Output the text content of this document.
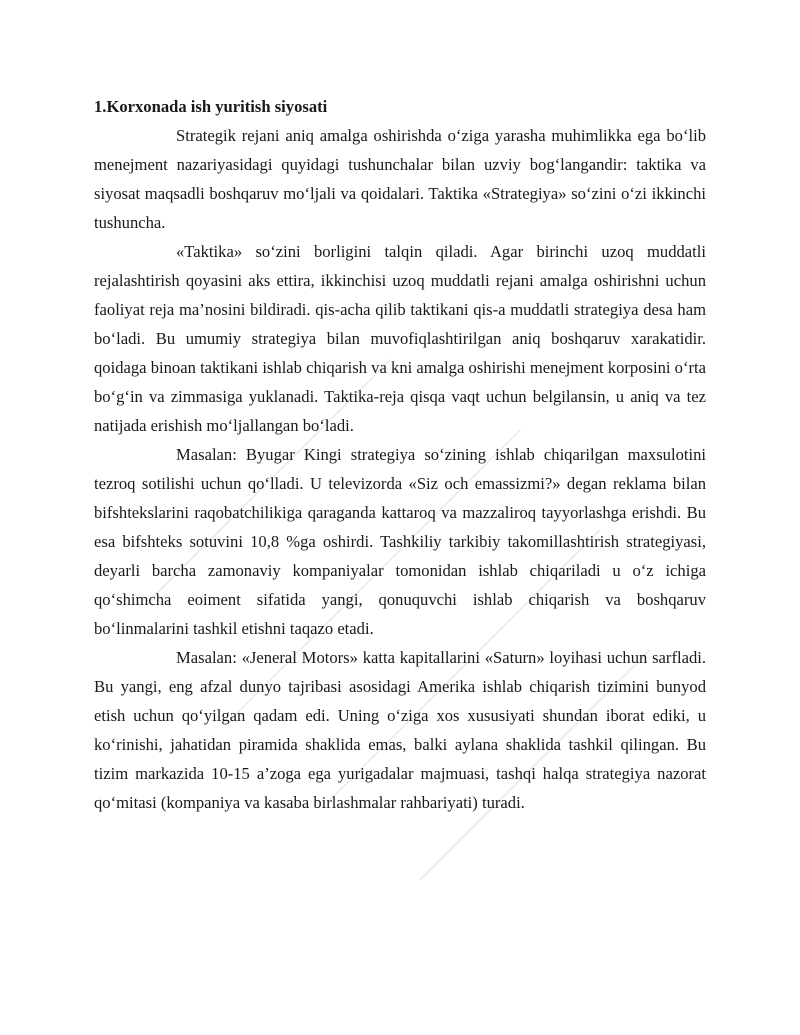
1.Korxonada ish yuritish siyosati

Strategik rejani aniq amalga oshirishda o‘ziga yarasha muhimlikka ega bo‘lib menejment nazariyasidagi quyidagi tushunchalar bilan uzviy bog‘langandir: taktika va siyosat maqsadli boshqaruv mo‘ljali va qoidalari. Taktika «Strategiya» so‘zini o‘zi ikkinchi tushuncha.

«Taktika» so‘zini borligini talqin qiladi. Agar birinchi uzoq muddatli rejalashtirish qoyasini aks ettira, ikkinchisi uzoq muddatli rejani amalga oshirishni uchun faoliyat reja ma’nosini bildiradi. qis-acha qilib taktikani qis-a muddatli strategiya desa ham bo‘ladi. Bu umumiy strategiya bilan muvofiqlashtirilgan aniq boshqaruv xarakatidir. qoidaga binoan taktikani ishlab chiqarish va kni amalga oshirishi menejment korposini o‘rta bo‘g‘in va zimmasiga yuklanadi. Taktika-reja qisqa vaqt uchun belgilansin, u aniq va tez natijada erishish mo‘ljallangan bo‘ladi.

Masalan: Byugar Kingi strategiya so‘zining ishlab chiqarilgan maxsulotini tezroq sotilishi uchun qo‘lladi. U televizorda «Siz och emassizmi?» degan reklama bilan bifshtekslarini raqobatchilikiga qaraganda kattaroq va mazzaliroq tayyorlashga erishdi. Bu esa bifshteks sotuvini 10,8 %ga oshirdi. Tashkiliy tarkibiy takomillashtirish strategiyasi, deyarli barcha zamonaviy kompaniyalar tomonidan ishlab chiqariladi u o‘z ichiga qo‘shimcha eoiment sifatida yangi, qonuquvchi ishlab chiqarish va boshqaruv bo‘linmalarini tashkil etishni taqazo etadi.

Masalan: «Jeneral Motors» katta kapitallarini «Saturn» loyihasi uchun sarfladi. Bu yangi, eng afzal dunyo tajribasi asosidagi Amerika ishlab chiqarish tizimini bunyod etish uchun qo‘yilgan qadam edi. Uning o‘ziga xos xususiyati shundan iborat ediki, u ko‘rinishi, jahatidan piramida shaklida emas, balki aylana shaklida tashkil qilingan. Bu tizim markazida 10-15 a’zoga ega yurigadalar majmuasi, tashqi halqa strategiya nazorat qo‘mitasi (kompaniya va kasaba birlashmalar rahbariyati) turadi.
